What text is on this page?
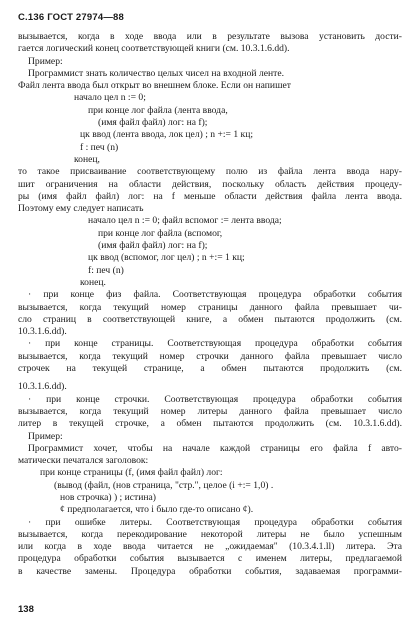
С.136 ГОСТ 27974—88

вызывается, когда в ходе ввода или в результате вызова установить дости-

гается логический конец соответствующей книги (см. 10.3.1.6.dd).

Пример:

Программист знать количество целых чисел на входной ленте.

Файл лента ввода был открыт во внешнем блоке. Если он напишет

начало цел n := 0;

при конце лог файла (лента ввода,

(имя файл файл) лог: на f);

цк ввод (лента ввода, лок цел) ; n +:= 1 кц;

f : печ (n)

конец,

то такое присваивание соответствующему полю из файла лента ввода нару-

шит ограничения на области действия, поскольку область действия процеду-

ры (имя файл файл) лог: на f меньше области действия файла лента ввода.

Поэтому ему следует написать

начало цел n := 0; файл вспомог := лента ввода;

при конце лог файла (вспомог,

(имя файл файл) лог: на f);

цк ввод (вспомог, лог цел) ; n +:= 1 кц;

f: печ (n)

конец.

· при конце физ файла. Соответствующая процедура обработки события

вызывается, когда текущий номер страницы данного файла превышает чи-

сло страниц в соответствующей книге, а обмен пытаются продолжить (см.

10.3.1.6.dd).

· при конце страницы. Соответствующая процедура обработки события

вызывается, когда текущий номер строчки данного файла превышает число

строчек на текущей странице, а обмен пытаются продолжить (см.

10.3.1.6.dd).

· при конце строчки. Соответствующая процедура обработки события

вызывается, когда текущий номер литеры данного файла превышает число

литер в текущей строчке, а обмен пытаются продолжить (см. 10.3.1.6.dd).

Пример:

Программист хочет, чтобы на начале каждой страницы его файла f авто-

матически печатался заголовок:

при конце страницы (f, (имя файл файл) лог:

(вывод (файл, (нов страница, "стр.", целое (i +:= 1,0) .

нов строчка) ) ; истина)

¢ предполагается, что i было где-то описано ¢).

· при ошибке литеры. Соответствующая процедура обработки события

вызывается, когда перекодирование некоторой литеры не было успешным

или когда в ходе ввода читается не „ожидаемая" (10.3.4.1.ll) литера. Эта

процедура обработки события вызывается с именем литеры, предлагаемой

в качестве замены. Процедура обработки события, задаваемая программи-

138
